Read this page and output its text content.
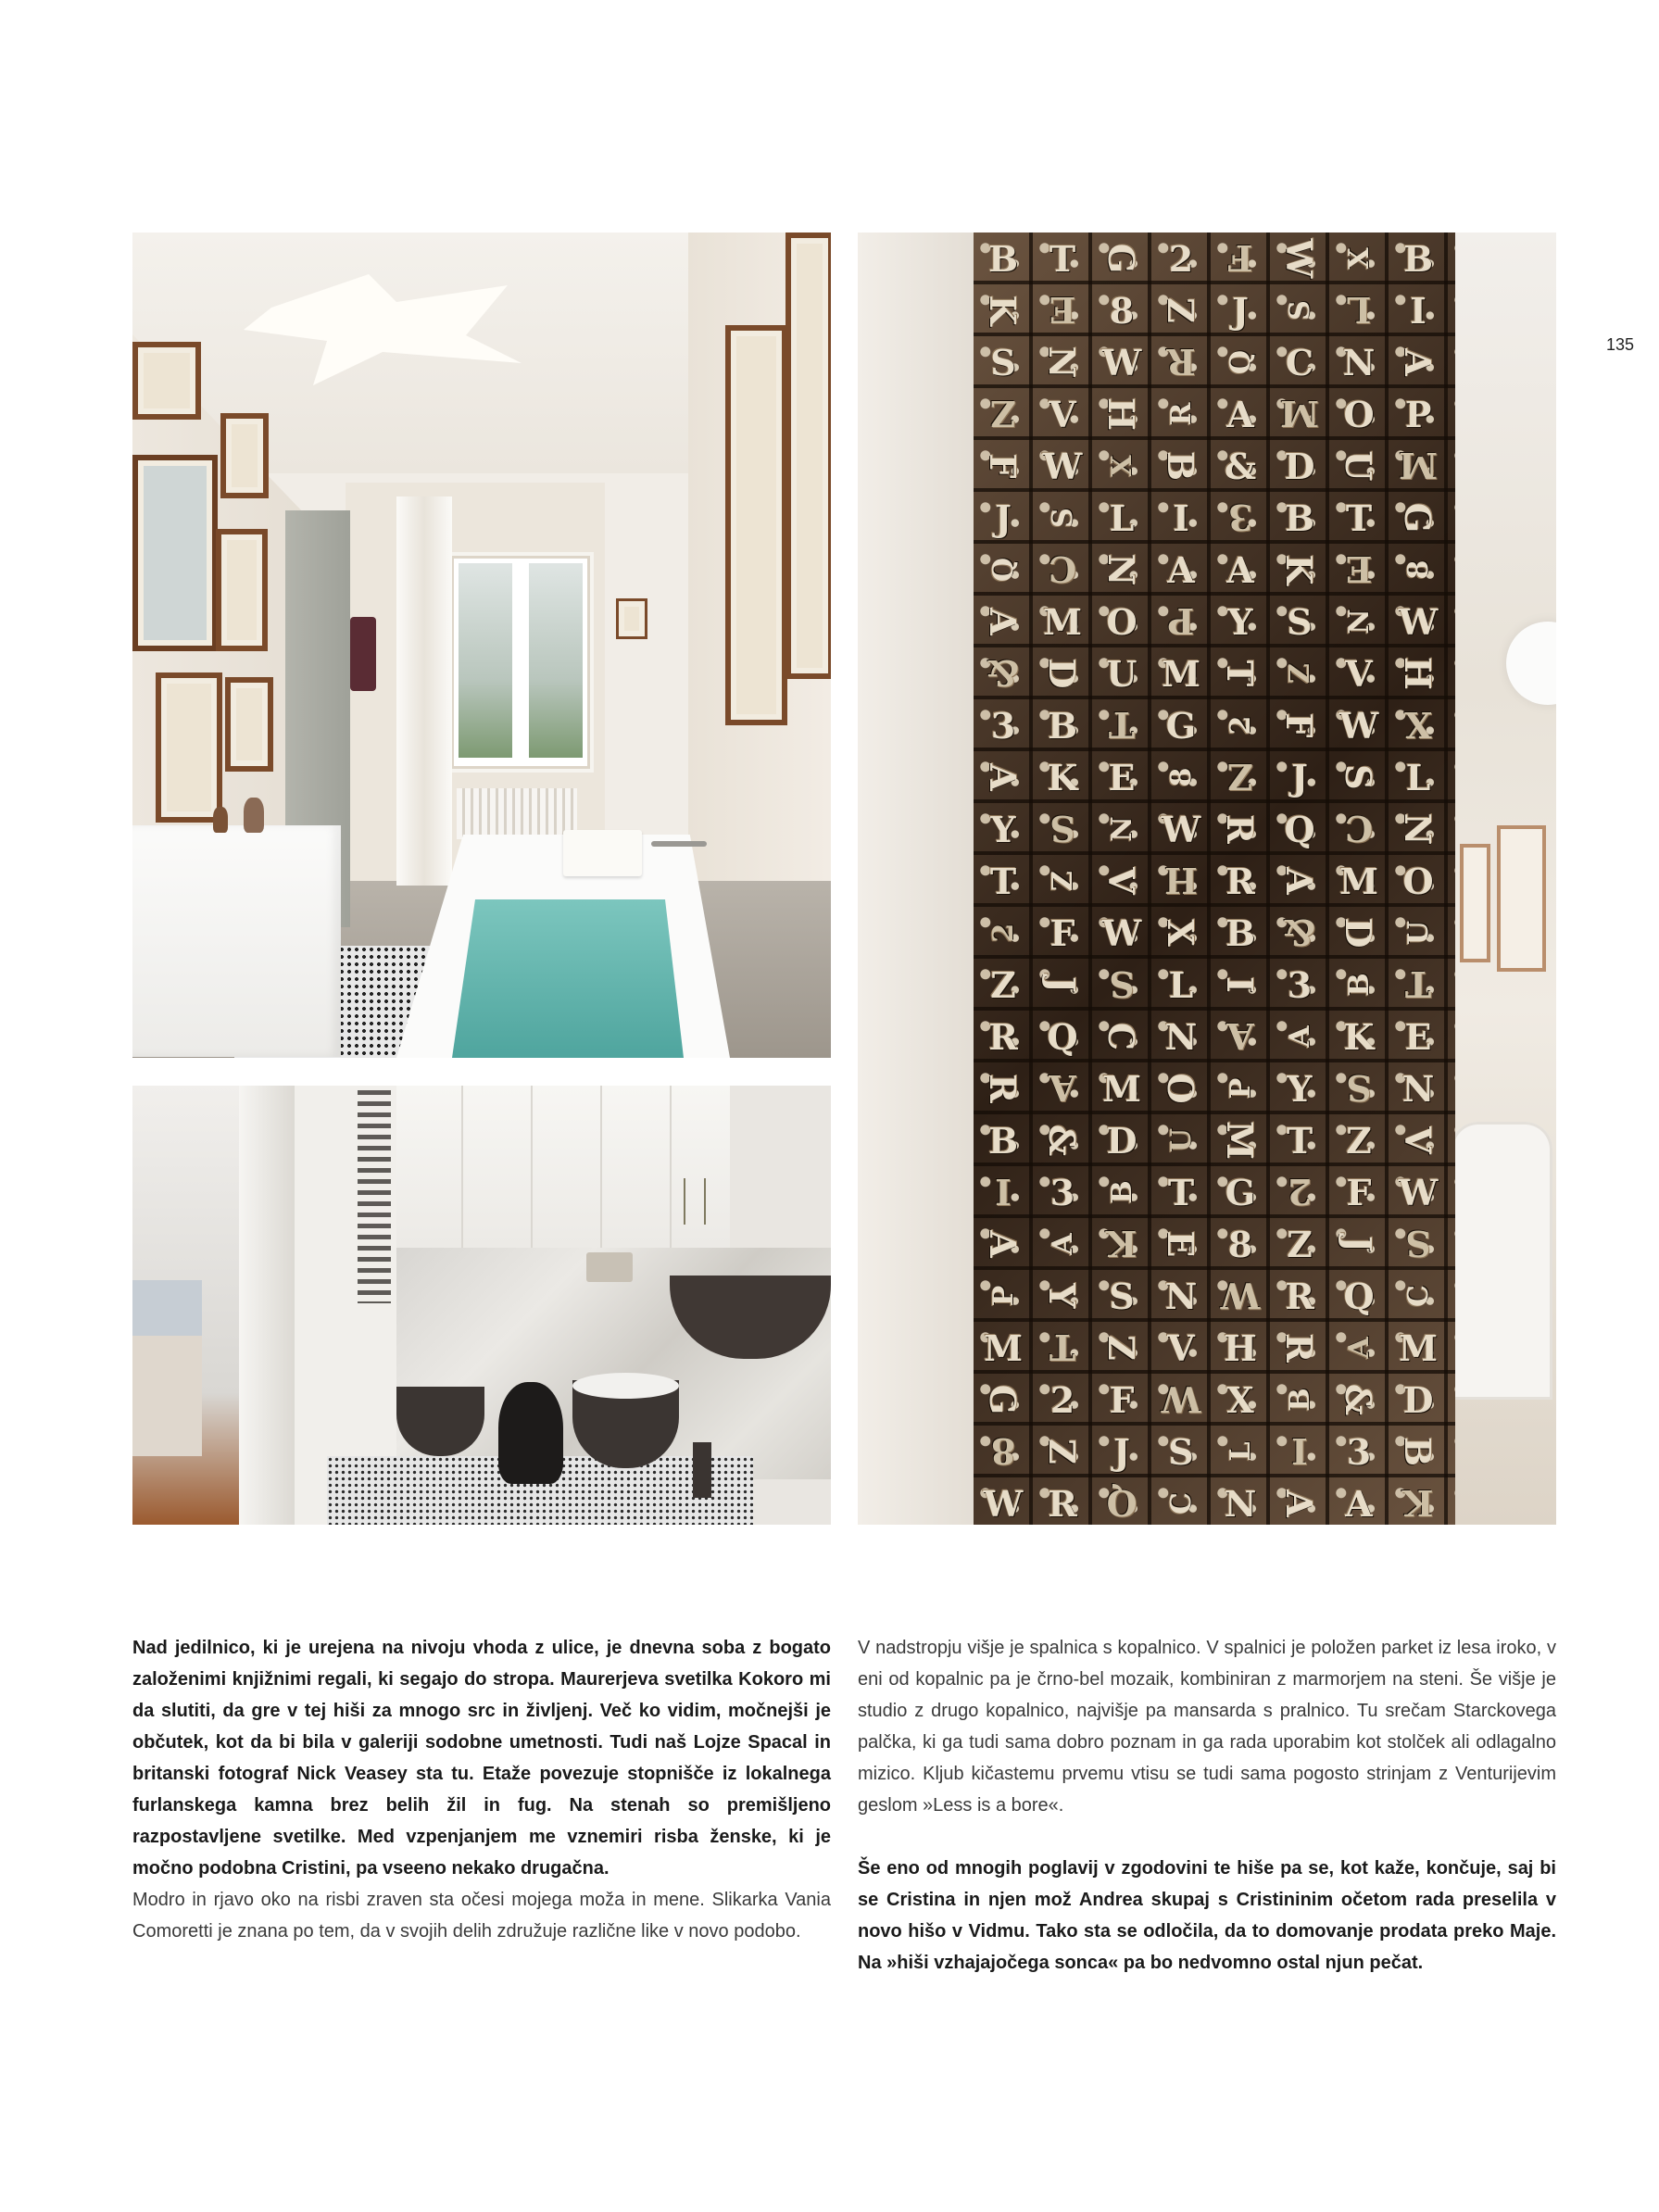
135
B T G 2 F W X B
K E 8 Z J	S L	I
S N W R	Q C N A
Z V H R A M O P
F W X B & D U M
J	S L	I	3 B T G
Q C N A A K E	8
A M O P Y S	N W
& D U M T Z V H
3 B T G	2 F W X
A K E	8 Z	J S L
Y S	N W R Q C N
T	Z V H R A M O
2 F W X B & D U
Z J S L I 3	B T
R Q C N A	A K E
R A M O P Y S N
B & D	U M T Z V
I	3	B T G 2 F W
A A K E 8 Z J S
P Y S N W R Q C
M T Z V H R A M
G 2 F W X	B & D
8 Z J	S	L I	3 B
W R Q C N A A K

Nad jedilnico, ki je urejena na nivoju vhoda z ulice, je dnevna soba z bogato založenimi knjižnimi regali, ki segajo do stropa. Maurerjeva svetilka Kokoro mi da slutiti, da gre v tej hiši za mnogo src in življenj. Več ko vidim, močnejši je občutek, kot da bi bila v galeriji sodobne umetnosti. Tudi naš Lojze Spacal in britanski fotograf Nick Veasey sta tu. Etaže povezuje stopnišče iz lokalnega furlanskega kamna brez belih žil in fug. Na stenah so premišljeno razpostavljene svetilke. Med vzpenjanjem me vznemiri risba ženske, ki je močno podobna Cristini, pa vseeno nekako drugačna.

Modro in rjavo oko na risbi zraven sta očesi mojega moža in mene. Slikarka Vania Comoretti je znana po tem, da v svojih delih združuje različne like v novo podobo.

V nadstropju višje je spalnica s kopalnico. V spalnici je položen parket iz lesa iroko, v eni od kopalnic pa je črno-bel mozaik, kombiniran z marmorjem na steni. Še višje je studio z drugo kopalnico, najvišje pa mansarda s pralnico. Tu srečam Starckovega palčka, ki ga tudi sama dobro poznam in ga rada uporabim kot stolček ali odlagalno mizico. Kljub kičastemu prvemu vtisu se tudi sama pogosto strinjam z Venturijevim geslom »Less is a bore«.

Še eno od mnogih poglavij v zgodovini te hiše pa se, kot kaže, končuje, saj bi se Cristina in njen mož Andrea skupaj s Cristininim očetom rada preselila v novo hišo v Vidmu. Tako sta se odločila, da to domovanje prodata preko Maje. Na »hiši vzhajajočega sonca« pa bo nedvomno ostal njun pečat.
